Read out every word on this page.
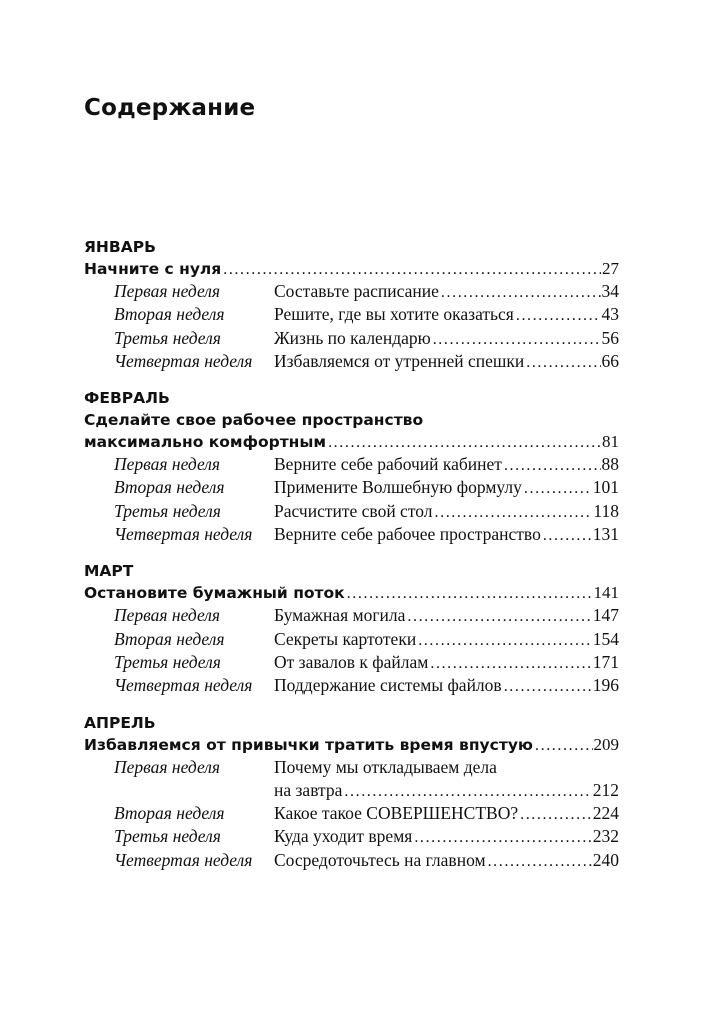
Содержание
ЯНВАРЬ
Начните с нуля .....	27
Первая неделя	Составьте расписание .....	34
Вторая неделя	Решите, где вы хотите оказаться .....	43
Третья неделя	Жизнь по календарю .....	56
Четвертая неделя	Избавляемся от утренней спешки .....	66
ФЕВРАЛЬ
Сделайте свое рабочее пространство
максимально комфортным .....	81
Первая неделя	Верните себе рабочий кабинет .....	88
Вторая неделя	Примените Волшебную формулу .....	101
Третья неделя	Расчистите свой стол .....	118
Четвертая неделя	Верните себе рабочее пространство .....	131
МАРТ
Остановите бумажный поток .....	141
Первая неделя	Бумажная могила .....	147
Вторая неделя	Секреты картотеки .....	154
Третья неделя	От завалов к файлам .....	171
Четвертая неделя	Поддержание системы файлов .....	196
АПРЕЛЬ
Избавляемся от привычки тратить время впустую .....	209
Первая неделя	Почему мы откладываем дела
на завтра .....	212
Вторая неделя	Какое такое СОВЕРШЕНСТВО? .....	224
Третья неделя	Куда уходит время .....	232
Четвертая неделя	Сосредоточьтесь на главном .....	240
